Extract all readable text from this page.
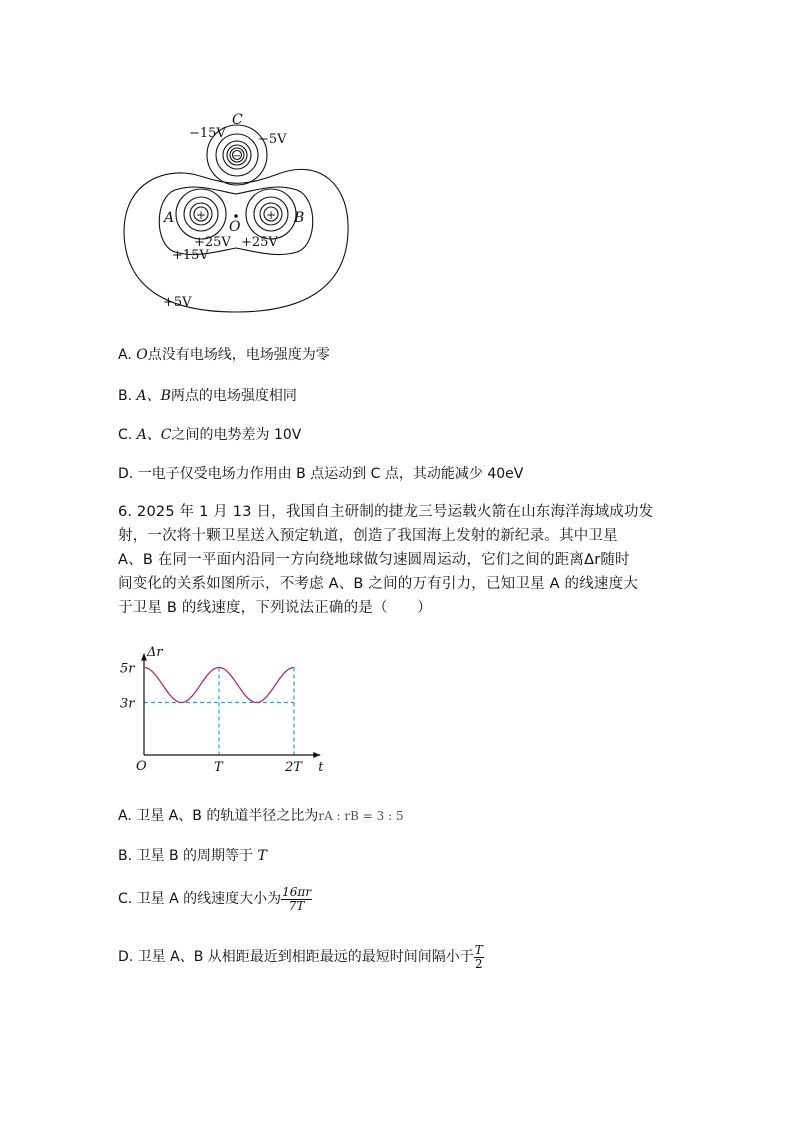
+	+
−
C
−15V −5V
A	B
O
+25V +25V
+15V
+5V
A. O点没有电场线，电场强度为零
B. A、B两点的电场强度相同
C. A、C之间的电势差为 10V
D. 一电子仅受电场力作用由 B 点运动到 C 点，其动能减少 40eV
6. 2025 年 1 月 13 日，我国自主研制的捷龙三号运载火箭在山东海洋海域成功发
射，一次将十颗卫星送入预定轨道，创造了我国海上发射的新纪录。其中卫星
A、B 在同一平面内沿同一方向绕地球做匀速圆周运动，它们之间的距离Δr随时
间变化的关系如图所示，不考虑 A、B 之间的万有引力，已知卫星 A 的线速度大
于卫星 B 的线速度，下列说法正确的是（　　）
5r
3r
Δr
O	T	2T t
A. 卫星 A、B 的轨道半径之比为rA : rB = 3 : 5
B. 卫星 B 的周期等于 T
C. 卫星 A 的线速度大小为 $\frac{16\pi r}{7T}$
D. 卫星 A、B 从相距最近到相距最远的最短时间间隔小于 $\frac{T}{2}$
